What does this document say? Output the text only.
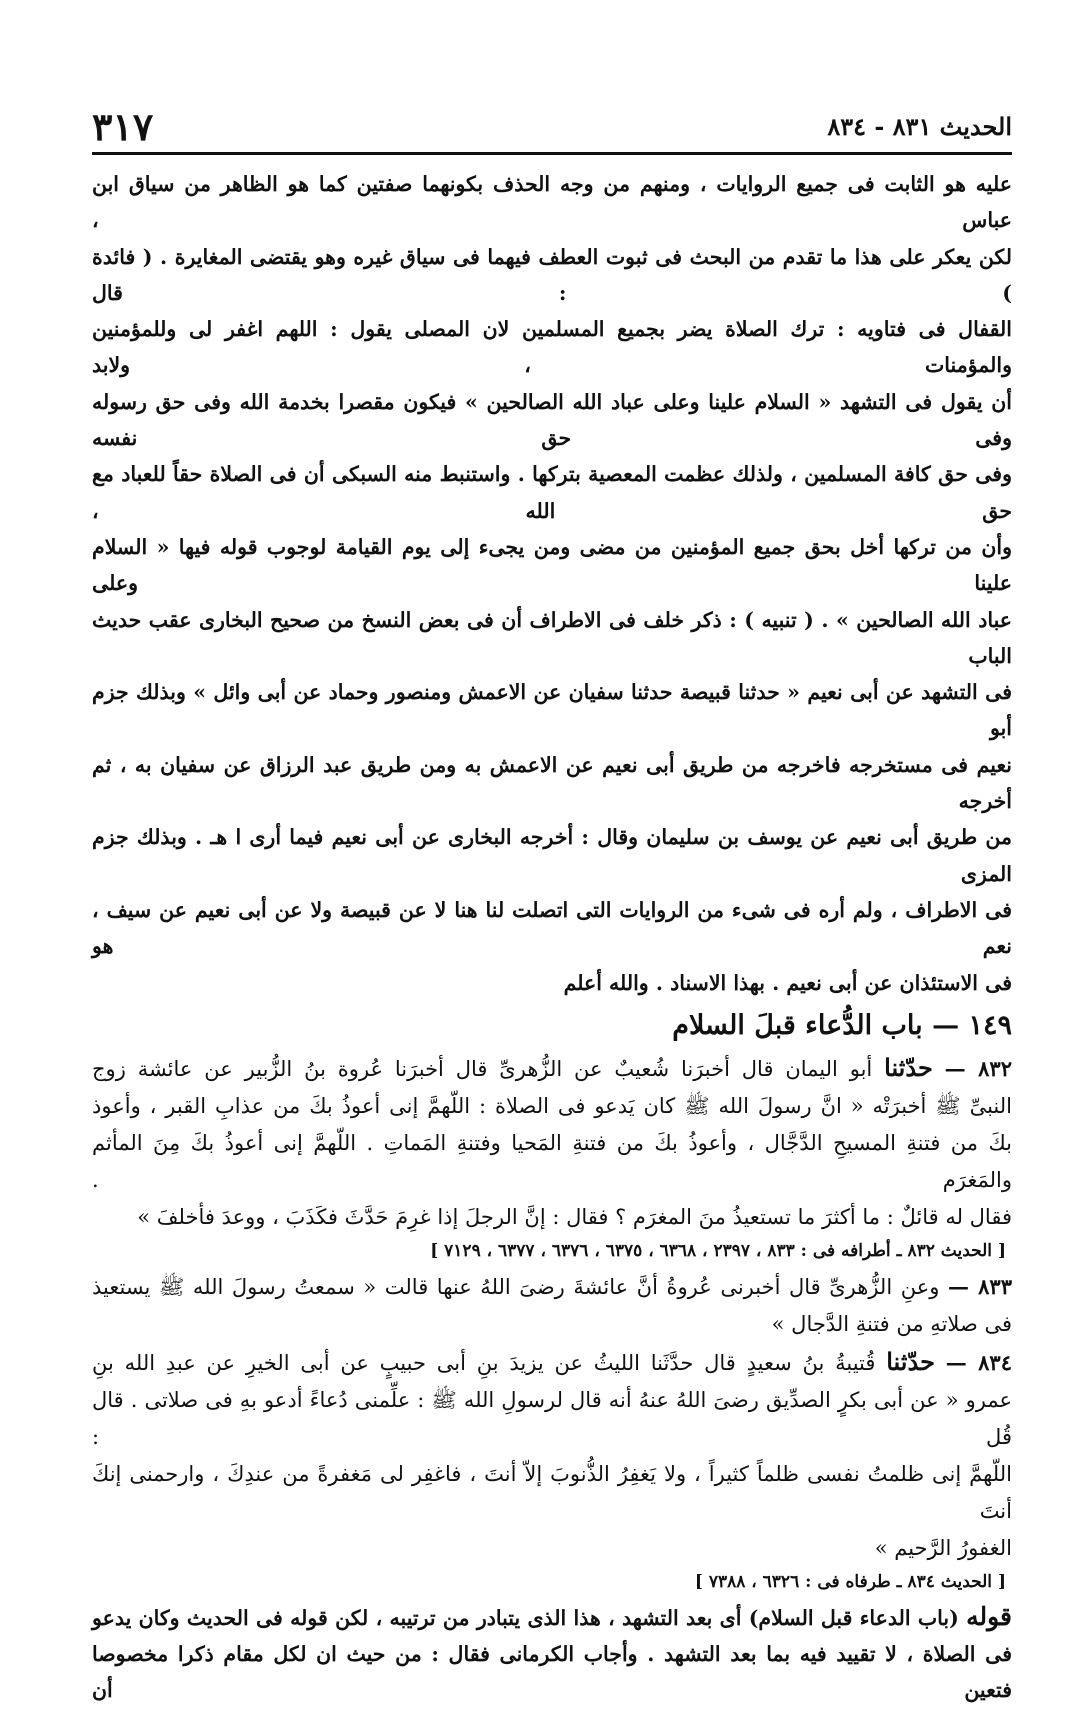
٣١٧	الحديث ٨٣١ - ٨٣٤

عليه هو الثابت فى جميع الروايات ، ومنهم من وجه الحذف بكونهما صفتين كما هو الظاهر من سياق ابن عباس ،

لكن يعكر على هذا ما تقدم من البحث فى ثبوت العطف فيهما فى سياق غيره وهو يقتضى المغايرة . ( فائدة ) : قال

القفال فى فتاويه : ترك الصلاة يضر بجميع المسلمين لان المصلى يقول : اللهم اغفر لى وللمؤمنين والمؤمنات ، ولابد

أن يقول فى التشهد « السلام علينا وعلى عباد الله الصالحين » فيكون مقصرا بخدمة الله وفى حق رسوله وفى حق نفسه

وفى حق كافة المسلمين ، ولذلك عظمت المعصية بتركها . واستنبط منه السبكى أن فى الصلاة حقاً للعباد مع حق الله ،

وأن من تركها أخل بحق جميع المؤمنين من مضى ومن يجىء إلى يوم القيامة لوجوب قوله فيها « السلام علينا وعلى

عباد الله الصالحين » . ( تنبيه ) : ذكر خلف فى الاطراف أن فى بعض النسخ من صحيح البخارى عقب حديث الباب

فى التشهد عن أبى نعيم « حدثنا قبيصة حدثنا سفيان عن الاعمش ومنصور وحماد عن أبى وائل » وبذلك جزم أبو

نعيم فى مستخرجه فاخرجه من طريق أبى نعيم عن الاعمش به ومن طريق عبد الرزاق عن سفيان به ، ثم أخرجه

من طريق أبى نعيم عن يوسف بن سليمان وقال : أخرجه البخارى عن أبى نعيم فيما أرى ا هـ . وبذلك جزم المزى

فى الاطراف ، ولم أره فى شىء من الروايات التى اتصلت لنا هنا لا عن قبيصة ولا عن أبى نعيم عن سيف ، نعم هو

فى الاستئذان عن أبى نعيم . بهذا الاسناد . والله أعلم

١٤٩ — باب الدُّعاء قبلَ السلام

٨٣٢ — حدّثنا أبو اليمان قال أخبرَنا شُعيبٌ عن الزُّهرىِّ قال أخبرَنا عُروة بنُ الزُّبير عن عائشة زوج

النبىِّ ﷺ أخبرَتْه « انَّ رسولَ الله ﷺ كان يَدعو فى الصلاة : اللّهمَّ إنى أعوذُ بكَ من عذابِ القبر ، وأعوذ

بكَ من فتنةِ المسيحِ الدَّجَّال ، وأعوذُ بكَ من فتنةِ المَحيا وفتنةِ المَماتِ . اللّهمَّ إنى أعوذُ بكَ مِنَ المأثم والمَغرَم .

فقال له قائلٌ : ما أكثرَ ما تستعيذُ منَ المغرَم ؟ فقال : إنَّ الرجلَ إذا غرِمَ حَدَّثَ فكَذَبَ ، ووعدَ فأخلفَ »

[ الحديث ٨٣٢ ـ أطرافه فى : ٨٣٣ ، ٢٣٩٧ ، ٦٣٦٨ ، ٦٣٧٥ ، ٦٣٧٦ ، ٦٣٧٧ ، ٧١٢٩ ]

٨٣٣ — وعنِ الزُّهرىِّ قال أخبرنى عُروةُ أنَّ عائشةَ رضىَ اللهُ عنها قالت « سمعتُ رسولَ الله ﷺ يستعيذ

فى صلاتهِ من فتنةِ الدَّجال »

٨٣٤ — حدّثنا قُتيبةُ بنُ سعيدٍ قال حدَّثَنا الليثُ عن يزيدَ بنِ أبى حبيبٍ عن أبى الخيرِ عن عبدِ الله بنِ

عمرو « عن أبى بكرٍ الصدِّيق رضىَ اللهُ عنهُ أنه قال لرسولِ الله ﷺ : علِّمنى دُعاءً أدعو بهِ فى صلاتى . قال قُل :

اللّهمَّ إنى ظلمتُ نفسى ظلماً كثيراً ، ولا يَغفِرُ الذُّنوبَ إلاّ أنتَ ، فاغفِر لى مَغفرةً من عندِكَ ، وارحمنى إنكَ أنتَ

الغفورُ الرَّحيم »

[ الحديث ٨٣٤ ـ طرفاه فى : ٦٣٢٦ ، ٧٣٨٨ ]

قوله (باب الدعاء قبل السلام) أى بعد التشهد ، هذا الذى يتبادر من ترتيبه ، لكن قوله فى الحديث وكان يدعو

فى الصلاة ، لا تقييد فيه بما بعد التشهد . وأجاب الكرمانى فقال : من حيث ان لكل مقام ذكرا مخصوصا فتعين أن
